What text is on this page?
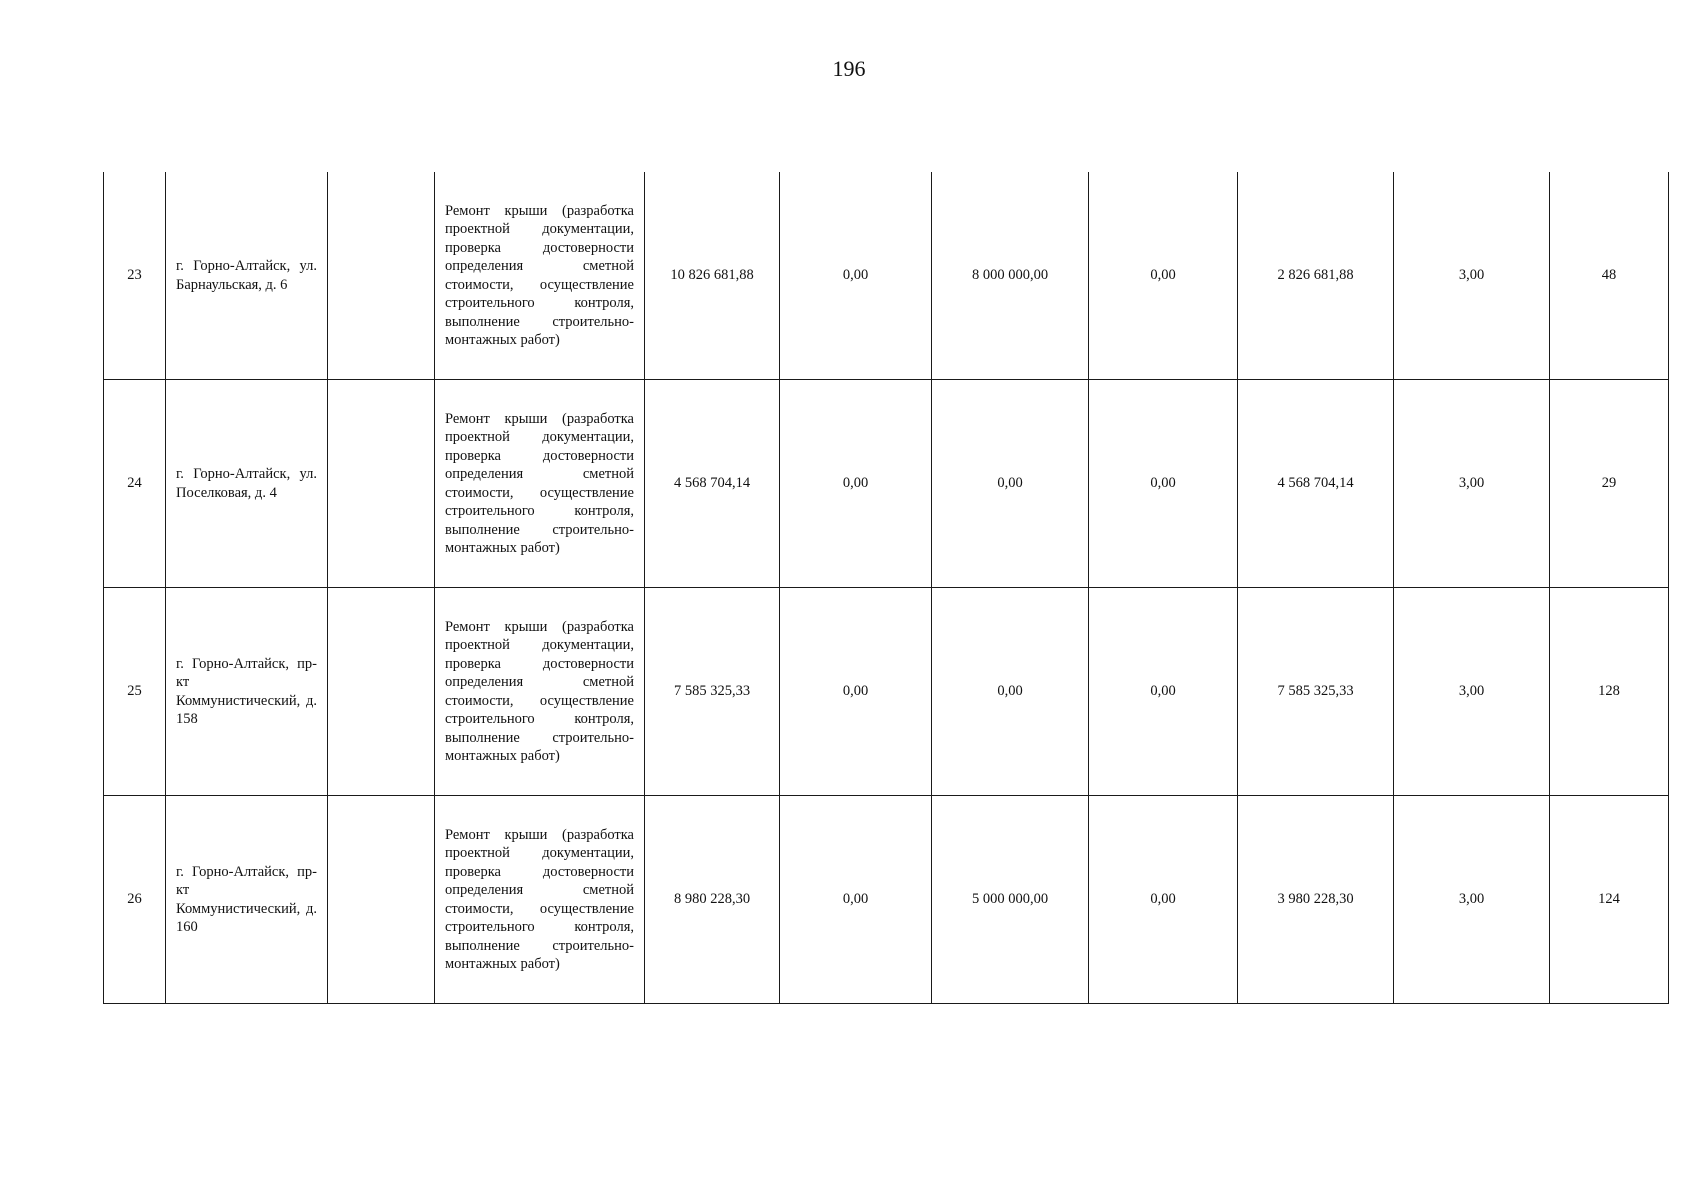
196
23	г. Горно-Алтайск, ул. Барнаульская, д. 6		Ремонт крыши (разработка проектной документации, проверка достоверности определения сметной стоимости, осуществление строительного контроля, выполнение строительно-монтажных работ)	10 826 681,88	0,00	8 000 000,00	0,00	2 826 681,88	3,00	48
24	г. Горно-Алтайск, ул. Поселковая, д. 4		Ремонт крыши (разработка проектной документации, проверка достоверности определения сметной стоимости, осуществление строительного контроля, выполнение строительно-монтажных работ)	4 568 704,14	0,00	0,00	0,00	4 568 704,14	3,00	29
25	г. Горно-Алтайск, пр-кт Коммунистический, д. 158		Ремонт крыши (разработка проектной документации, проверка достоверности определения сметной стоимости, осуществление строительного контроля, выполнение строительно-монтажных работ)	7 585 325,33	0,00	0,00	0,00	7 585 325,33	3,00	128
26	г. Горно-Алтайск, пр-кт Коммунистический, д. 160		Ремонт крыши (разработка проектной документации, проверка достоверности определения сметной стоимости, осуществление строительного контроля, выполнение строительно-монтажных работ)	8 980 228,30	0,00	5 000 000,00	0,00	3 980 228,30	3,00	124
